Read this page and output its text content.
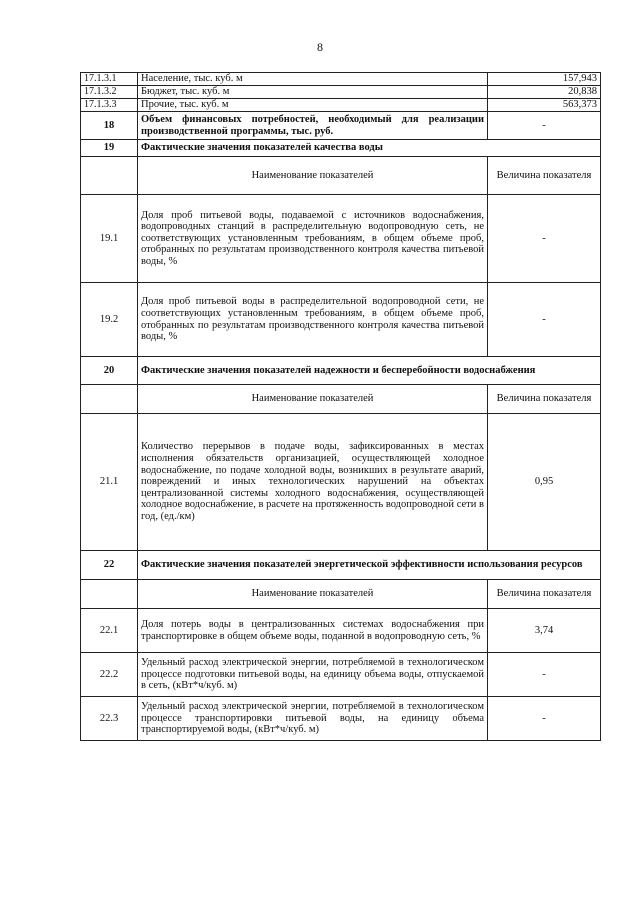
8
17.1.3.1	Население, тыс. куб. м	157,943
17.1.3.2	Бюджет, тыс. куб. м	20,838
17.1.3.3	Прочие, тыс. куб. м	563,373
18	Объем финансовых потребностей, необходимый для реализации производственной программы, тыс. руб.	-
19	Фактические значения показателей качества воды	
	Наименование показателей	Величина показателя
19.1	Доля проб питьевой воды, подаваемой с источников водоснабжения, водопроводных станций в распределительную водопроводную сеть, не соответствующих установленным требованиям, в общем объеме проб, отобранных по результатам производственного контроля качества питьевой воды, %	-
19.2	Доля проб питьевой воды в распределительной водопроводной сети, не соответствующих установленным требованиям, в общем объеме проб, отобранных по результатам производственного контроля качества питьевой воды, %	-
20	Фактические значения показателей надежности и бесперебойности водоснабжения	
	Наименование показателей	Величина показателя
21.1	Количество перерывов в подаче воды, зафиксированных в местах исполнения обязательств организацией, осуществляющей холодное водоснабжение, по подаче холодной воды, возникших в результате аварий, повреждений и иных технологических нарушений на объектах централизованной системы холодного водоснабжения, осуществляющей холодное водоснабжение, в расчете на протяженность водопроводной сети в год, (ед./км)	0,95
22	Фактические значения показателей энергетической эффективности использования ресурсов	
	Наименование показателей	Величина показателя
22.1	Доля потерь воды в централизованных системах водоснабжения при транспортировке в общем объеме воды, поданной в водопроводную сеть, %	3,74
22.2	Удельный расход электрической энергии, потребляемой в технологическом процессе подготовки питьевой воды, на единицу объема воды, отпускаемой в сеть, (кВт*ч/куб. м)	-
22.3	Удельный расход электрической энергии, потребляемой в технологическом процессе транспортировки питьевой воды, на единицу объема транспортируемой воды, (кВт*ч/куб. м)	-
